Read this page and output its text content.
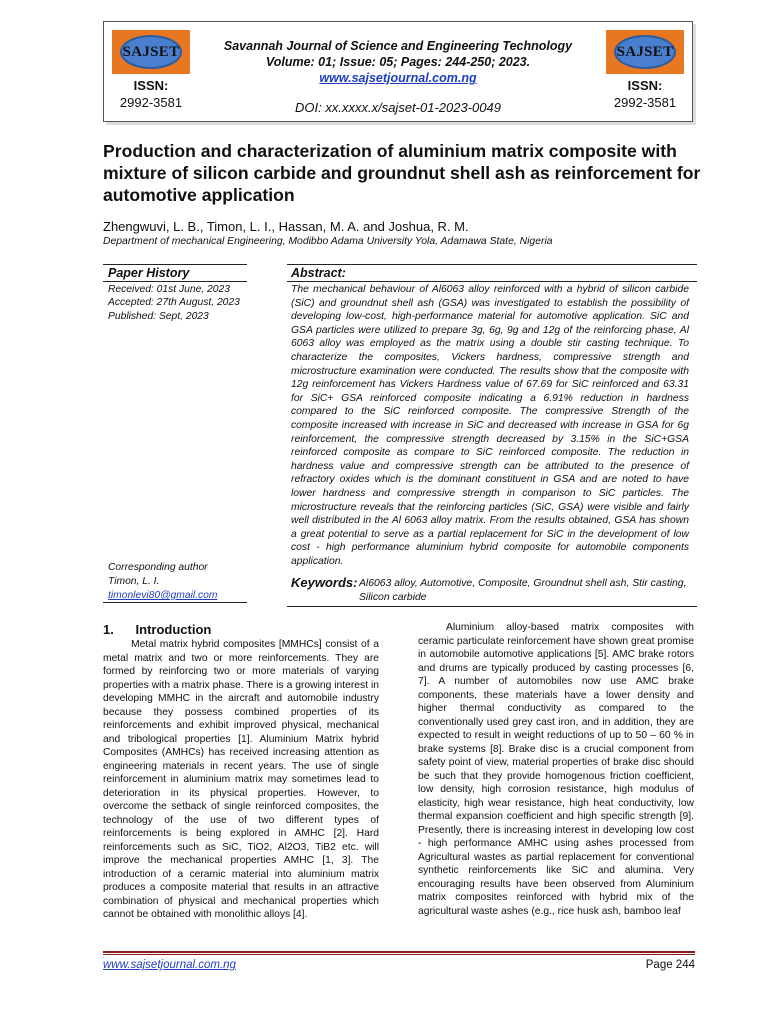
SAJSET
ISSN:
2992-3581
Savannah Journal of Science and Engineering Technology
Volume: 01; Issue: 05; Pages: 244-250; 2023.
www.sajsetjournal.com.ng
DOI: xx.xxxx.x/sajset-01-2023-0049
SAJSET
ISSN:
2992-3581
Production and characterization of aluminium matrix composite with mixture of silicon carbide and groundnut shell ash as reinforcement for automotive application
Zhengwuvi, L. B., Timon, L. I., Hassan, M. A. and Joshua, R. M.
Department of mechanical Engineering, Modibbo Adama University Yola, Adamawa State, Nigeria
Paper History
Received: 01st June, 2023
Accepted: 27th August, 2023
Published: Sept, 2023
Abstract:
The mechanical behaviour of Al6063 alloy reinforced with a hybrid of silicon carbide (SiC) and groundnut shell ash (GSA) was investigated to establish the possibility of developing low-cost, high-performance material for automotive application. SiC and GSA particles were utilized to prepare 3g, 6g, 9g and 12g of the reinforcing phase, Al 6063 alloy was employed as the matrix using a double stir casting technique. To characterize the composites, Vickers hardness, compressive strength and microstructure examination were conducted. The results show that the composite with 12g reinforcement has Vickers Hardness value of 67.69 for SiC reinforced and 63.31 for SiC+ GSA reinforced composite indicating a 6.91% reduction in hardness compared to the SiC reinforced composite. The compressive Strength of the composite increased with increase in SiC and decreased with increase in GSA for 6g reinforcement, the compressive strength decreased by 3.15% in the SiC+GSA reinforced composite as compare to SiC reinforced composite. The reduction in hardness value and compressive strength can be attributed to the presence of refractory oxides which is the dominant constituent in GSA and are noted to have lower hardness and compressive strength in comparison to SiC particles. The microstructure reveals that the reinforcing particles (SiC, GSA) were visible and fairly well distributed in the Al 6063 alloy matrix. From the results obtained, GSA has shown a great potential to serve as a partial replacement for SiC in the development of low cost - high performance aluminium hybrid composite for automobile components application.
Corresponding author
Timon, L. I.
timonlevi80@gmail.com
Keywords: Al6063 alloy, Automotive, Composite, Groundnut shell ash, Stir casting,
Silicon carbide
1.      Introduction
Metal matrix hybrid composites [MMHCs] consist of a metal matrix and two or more reinforcements. They are formed by reinforcing two or more materials of varying properties with a matrix phase. There is a growing interest in developing MMHC in the aircraft and automobile industry because they possess combined properties of its reinforcements and exhibit improved physical, mechanical and tribological properties [1]. Aluminium Matrix hybrid Composites (AMHCs) has received increasing attention as engineering materials in recent years. The use of single reinforcement in aluminium matrix may sometimes lead to deterioration in its physical properties. However, to overcome the setback of single reinforced composites, the technology of the use of two different types of reinforcements is being explored in AMHC [2]. Hard reinforcements such as SiC, TiO2, Al2O3, TiB2 etc. will improve the mechanical properties AMHC [1, 3]. The introduction of a ceramic material into aluminium matrix produces a composite material that results in an attractive combination of physical and mechanical properties which cannot be obtained with monolithic alloys [4].
Aluminium alloy-based matrix composites with ceramic particulate reinforcement have shown great promise in automobile automotive applications [5]. AMC brake rotors and drums are typically produced by casting processes [6, 7]. A number of automobiles now use AMC brake components, these materials have a lower density and higher thermal conductivity as compared to the conventionally used grey cast iron, and in addition, they are expected to result in weight reductions of up to 50 – 60 % in brake systems [8]. Brake disc is a crucial component from safety point of view, material properties of brake disc should be such that they provide homogenous friction coefficient, low density, high corrosion resistance, high modulus of elasticity, high wear resistance, high heat conductivity, low thermal expansion coefficient and high specific strength [9]. Presently, there is increasing interest in developing low cost - high performance AMHC using ashes processed from Agricultural wastes as partial replacement for conventional synthetic reinforcements like SiC and alumina. Very encouraging results have been observed from Aluminium matrix composites reinforced with hybrid mix of the agricultural waste ashes (e.g., rice husk ash, bamboo leaf
www.sajsetjournal.com.ng	Page 244
